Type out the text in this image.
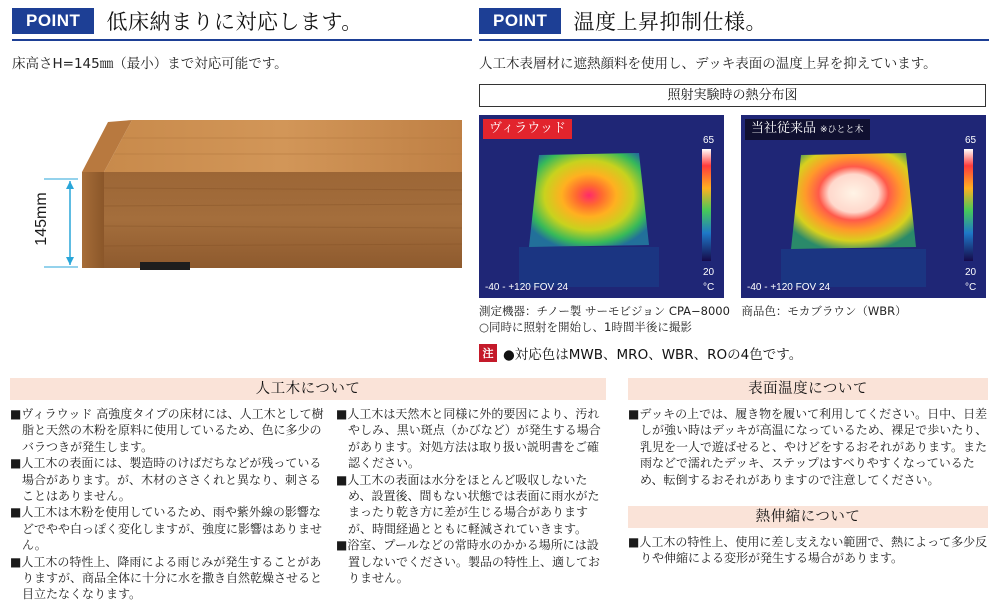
POINT	低床納まりに対応します。
床高さH=145㎜（最小）まで対応可能です。
145mm
POINT	温度上昇抑制仕様。
人工木表層材に遮熱顔料を使用し、デッキ表面の温度上昇を抑えています。
照射実験時の熱分布図
ヴィラウッド
65
20
°C
-40 - +120 FOV 24
当社従来品 ※ひとと木
65
20
°C
-40 - +120 FOV 24
測定機器：チノー製 サーモビジョン CPA−8000　商品色：モカブラウン（WBR）
○同時に照射を開始し、1時間半後に撮影
注 ●対応色はMWB、MRO、WBR、ROの4色です。
人工木について

■ヴィラウッド 高強度タイプの床材には、人工木として樹脂と天然の木粉を原料に使用しているため、色に多少のバラつきが発生します。

■人工木の表面には、製造時のけばだちなどが残っている場合があります。が、木材のささくれと異なり、刺さることはありません。

■人工木は木粉を使用しているため、雨や紫外線の影響などでやや白っぽく変化しますが、強度に影響はありません。

■人工木の特性上、降雨による雨じみが発生することがありますが、商品全体に十分に水を撒き自然乾燥させると目立たなくなります。

■人工木は天然木と同様に外的要因により、汚れやしみ、黒い斑点（かびなど）が発生する場合があります。対処方法は取り扱い説明書をご確認ください。

■人工木の表面は水分をほとんど吸収しないため、設置後、間もない状態では表面に雨水がたまったり乾き方に差が生じる場合がありますが、時間経過とともに軽減されていきます。

■浴室、プールなどの常時水のかかる場所には設置しないでください。製品の特性上、適してお りません。

表面温度について

■デッキの上では、履き物を履いて利用してください。日中、日差しが強い時はデッキが高温になっているため、裸足で歩いたり、乳児を一人で遊ばせると、やけどをするおそれがあります。また雨などで濡れたデッキ、ステップはすべりやすくなっているため、転倒するおそれがありますので注意してください。

熱伸縮について

■人工木の特性上、使用に差し支えない範囲で、熱によって多少反りや伸縮による変形が発生する場合があります。
